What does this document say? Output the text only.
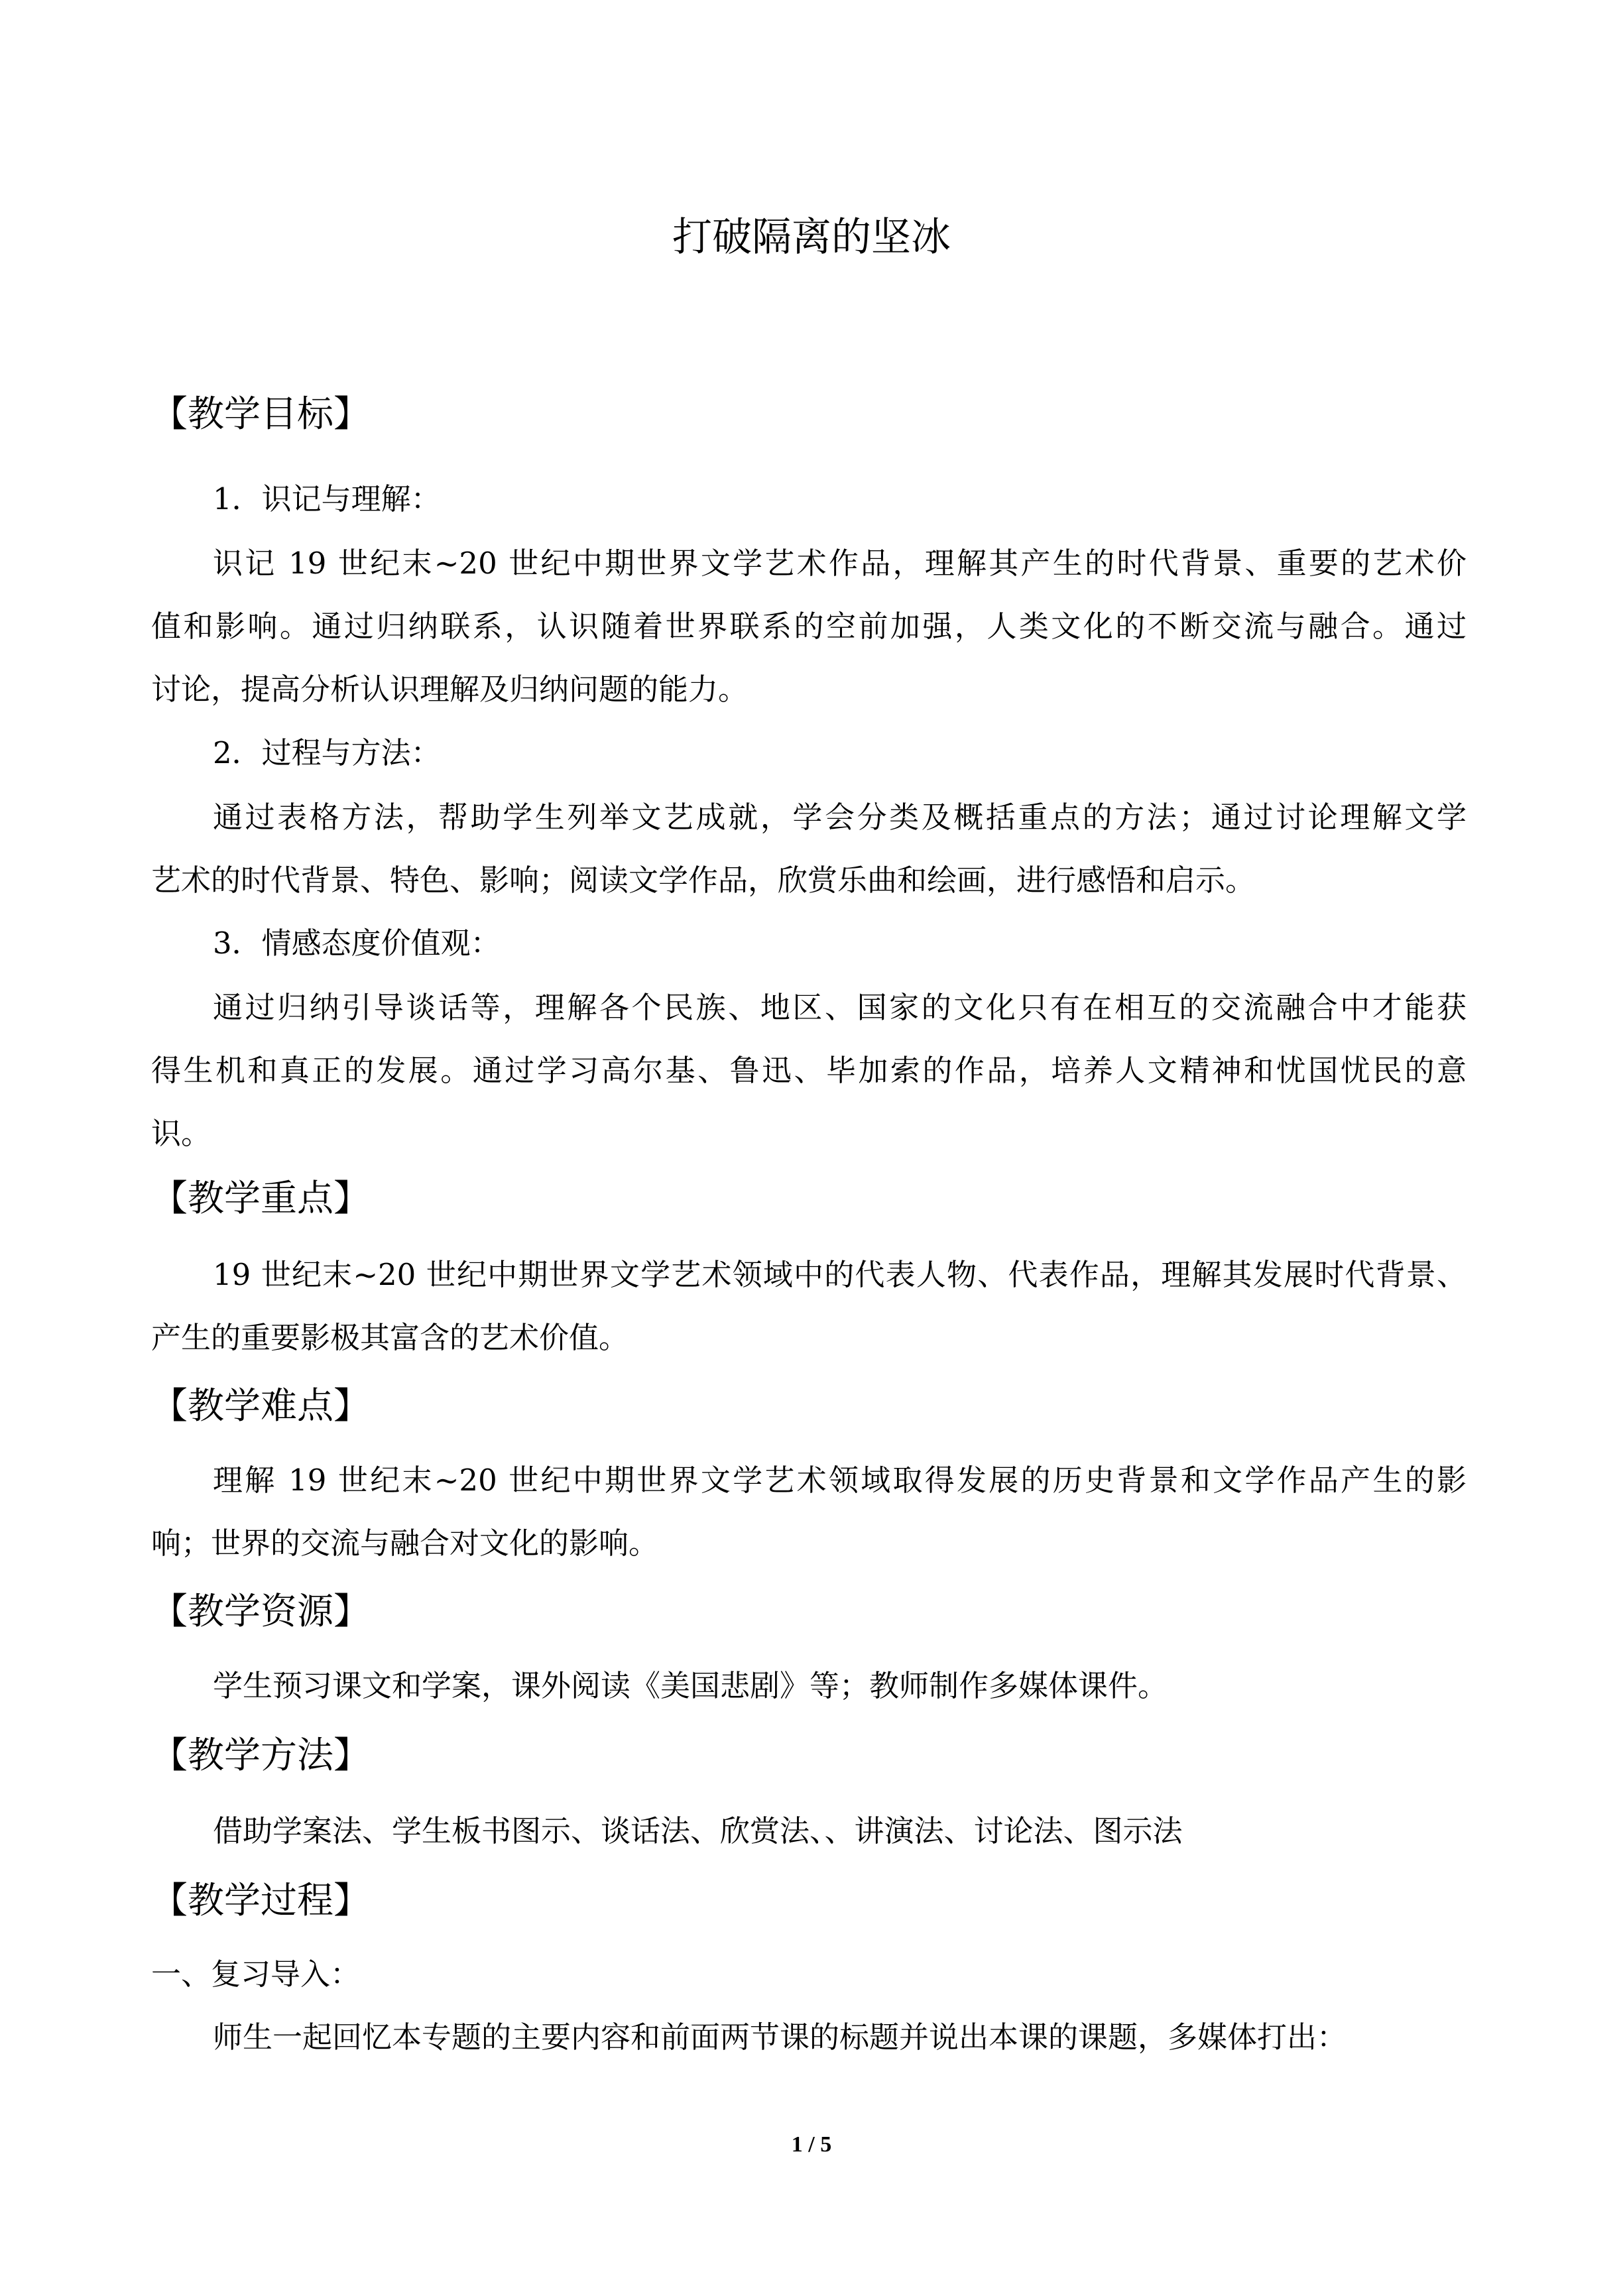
打破隔离的坚冰
【教学目标】
1．识记与理解：
识记 19 世纪末~20 世纪中期世界文学艺术作品，理解其产生的时代背景、重要的艺术价
值和影响。通过归纳联系，认识随着世界联系的空前加强，人类文化的不断交流与融合。通过
讨论，提高分析认识理解及归纳问题的能力。
2．过程与方法：
通过表格方法，帮助学生列举文艺成就，学会分类及概括重点的方法；通过讨论理解文学
艺术的时代背景、特色、影响；阅读文学作品，欣赏乐曲和绘画，进行感悟和启示。
3．情感态度价值观：
通过归纳引导谈话等，理解各个民族、地区、国家的文化只有在相互的交流融合中才能获
得生机和真正的发展。通过学习高尔基、鲁迅、毕加索的作品，培养人文精神和忧国忧民的意
识。
【教学重点】
19 世纪末~20 世纪中期世界文学艺术领域中的代表人物、代表作品，理解其发展时代背景、
产生的重要影极其富含的艺术价值。
【教学难点】
理解 19 世纪末~20 世纪中期世界文学艺术领域取得发展的历史背景和文学作品产生的影
响；世界的交流与融合对文化的影响。
【教学资源】
学生预习课文和学案，课外阅读《美国悲剧》等；教师制作多媒体课件。
【教学方法】
借助学案法、学生板书图示、谈话法、欣赏法、、讲演法、讨论法、图示法
【教学过程】
一、复习导入：
师生一起回忆本专题的主要内容和前面两节课的标题并说出本课的课题，多媒体打出：
1 / 5
